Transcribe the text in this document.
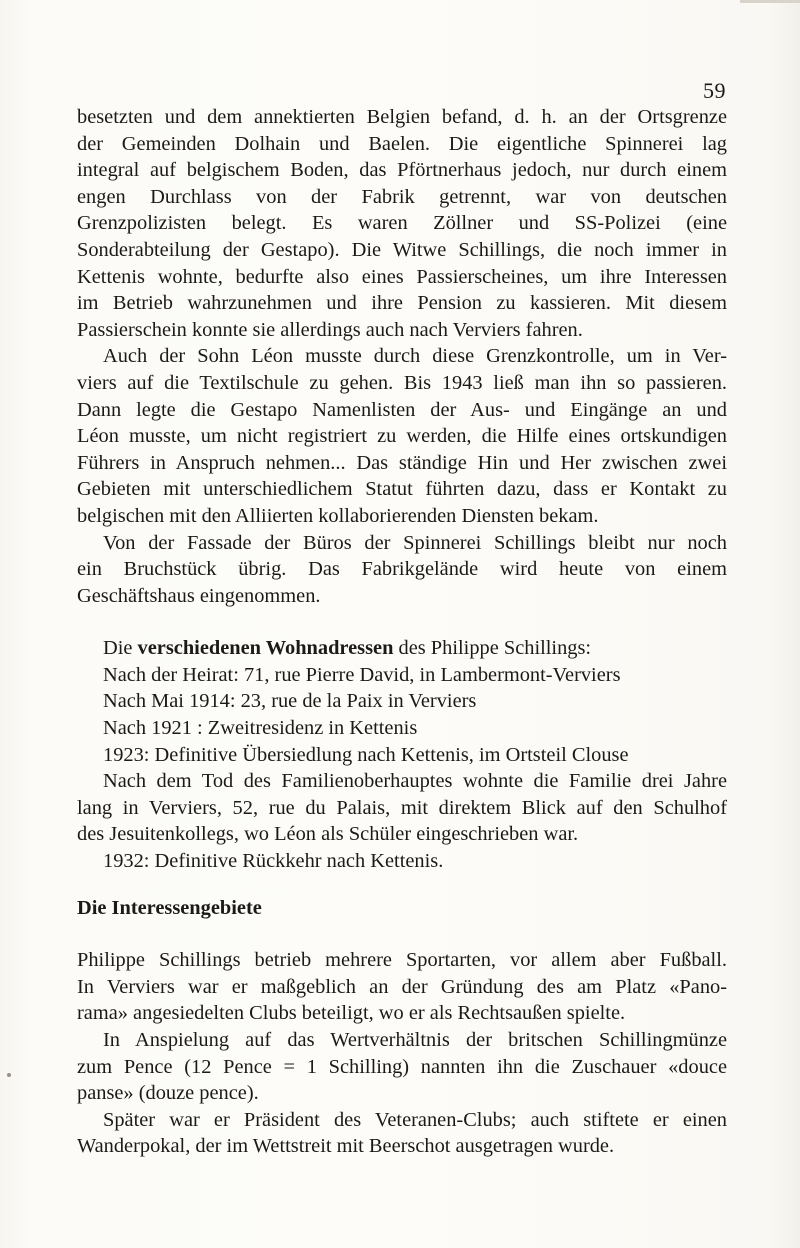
59
besetzten und dem annektierten Belgien befand, d. h. an der Ortsgrenze
der Gemeinden Dolhain und Baelen. Die eigentliche Spinnerei lag
integral auf belgischem Boden, das Pförtnerhaus jedoch, nur durch einem
engen Durchlass von der Fabrik getrennt, war von deutschen
Grenzpolizisten belegt. Es waren Zöllner und SS-Polizei (eine
Sonderabteilung der Gestapo). Die Witwe Schillings, die noch immer in
Kettenis wohnte, bedurfte also eines Passierscheines, um ihre Interessen
im Betrieb wahrzunehmen und ihre Pension zu kassieren. Mit diesem
Passierschein konnte sie allerdings auch nach Verviers fahren.
Auch der Sohn Léon musste durch diese Grenzkontrolle, um in Ver-
viers auf die Textilschule zu gehen. Bis 1943 ließ man ihn so passieren.
Dann legte die Gestapo Namenlisten der Aus- und Eingänge an und
Léon musste, um nicht registriert zu werden, die Hilfe eines ortskundigen
Führers in Anspruch nehmen... Das ständige Hin und Her zwischen zwei
Gebieten mit unterschiedlichem Statut führten dazu, dass er Kontakt zu
belgischen mit den Alliierten kollaborierenden Diensten bekam.
Von der Fassade der Büros der Spinnerei Schillings bleibt nur noch
ein Bruchstück übrig. Das Fabrikgelände wird heute von einem
Geschäftshaus eingenommen.
Die verschiedenen Wohnadressen des Philippe Schillings:
Nach der Heirat: 71, rue Pierre David, in Lambermont-Verviers
Nach Mai 1914: 23, rue de la Paix in Verviers
Nach 1921 : Zweitresidenz in Kettenis
1923: Definitive Übersiedlung nach Kettenis, im Ortsteil Clouse
Nach dem Tod des Familienoberhauptes wohnte die Familie drei Jahre
lang in Verviers, 52, rue du Palais, mit direktem Blick auf den Schulhof
des Jesuitenkollegs, wo Léon als Schüler eingeschrieben war.
1932: Definitive Rückkehr nach Kettenis.
Die Interessengebiete
Philippe Schillings betrieb mehrere Sportarten, vor allem aber Fußball.
In Verviers war er maßgeblich an der Gründung des am Platz «Pano-
rama» angesiedelten Clubs beteiligt, wo er als Rechtsaußen spielte.
In Anspielung auf das Wertverhältnis der britschen Schillingmünze
zum Pence (12 Pence = 1 Schilling) nannten ihn die Zuschauer «douce
panse» (douze pence).
Später war er Präsident des Veteranen-Clubs; auch stiftete er einen
Wanderpokal, der im Wettstreit mit Beerschot ausgetragen wurde.
